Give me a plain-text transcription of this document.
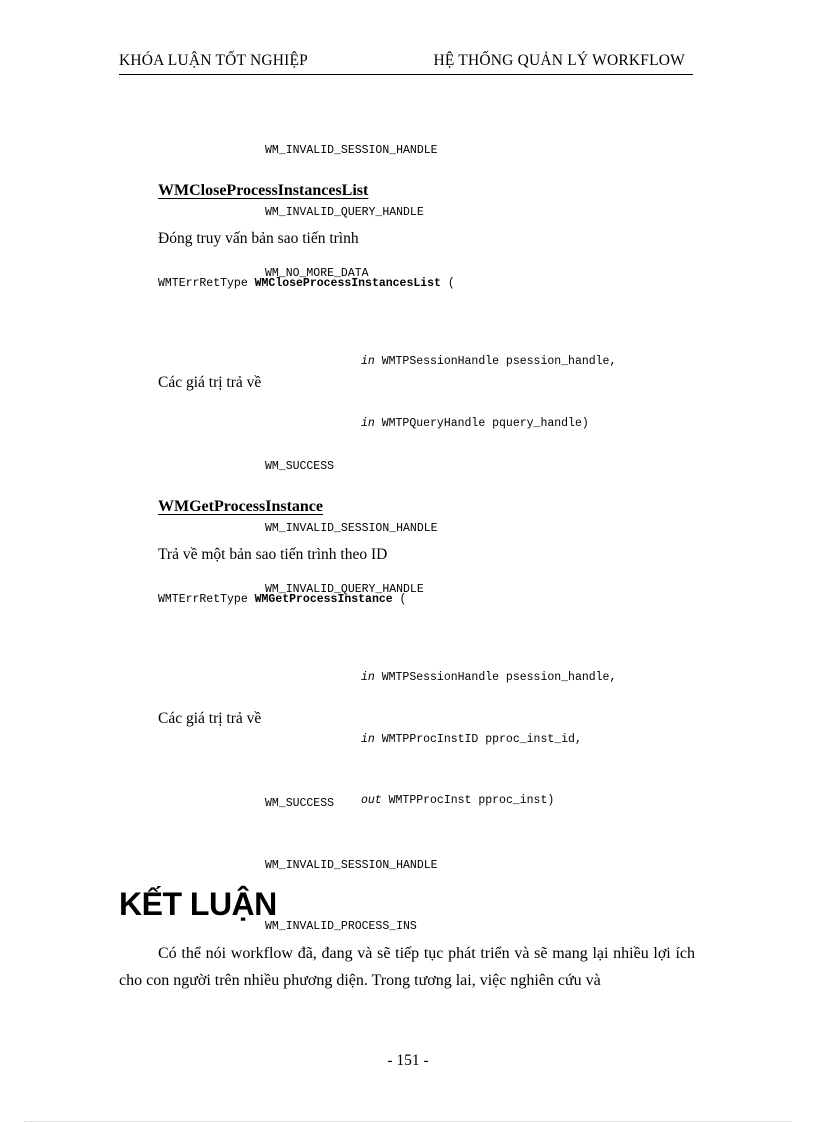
KHÓA LUẬN TỐT NGHIỆP	HỆ THỐNG QUẢN LÝ WORKFLOW

WM_INVALID_SESSION_HANDLE

WM_INVALID_QUERY_HANDLE

WM_NO_MORE_DATA

WMCloseProcessInstancesList
Đóng truy vấn bản sao tiến trình
WMTErrRetType WMCloseProcessInstancesList (

in WMTPSessionHandle psession_handle,

in WMTPQueryHandle pquery_handle)

Các giá trị trả về

WM_SUCCESS

WM_INVALID_SESSION_HANDLE

WM_INVALID_QUERY_HANDLE

WMGetProcessInstance
Trả về một bản sao tiến trình theo ID
WMTErrRetType WMGetProcessInstance (

in WMTPSessionHandle psession_handle,

in WMTPProcInstID pproc_inst_id,

out WMTPProcInst pproc_inst)

Các giá trị trả về

WM_SUCCESS

WM_INVALID_SESSION_HANDLE

WM_INVALID_PROCESS_INS

KẾT LUẬN
Có thể nói workflow đã, đang và sẽ tiếp tục phát triển và sẽ mang lại nhiều lợi ích cho con người trên nhiều phương diện. Trong tương lai, việc nghiên cứu và
- 151 -
